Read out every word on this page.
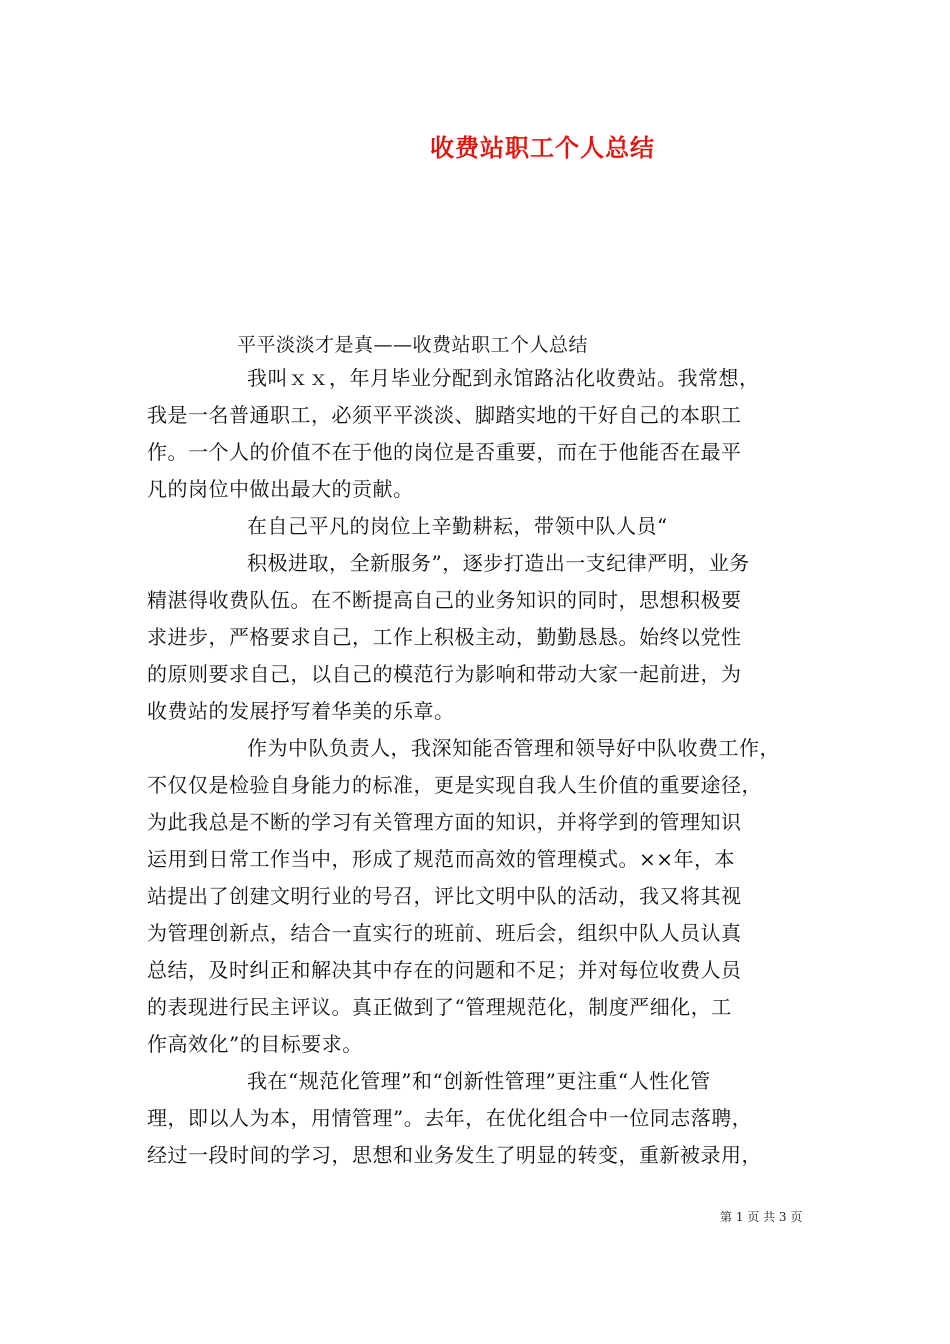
收费站职工个人总结
平平淡淡才是真——收费站职工个人总结
我叫ｘｘ，年月毕业分配到永馆路沾化收费站。我常想，
我是一名普通职工，必须平平淡淡、脚踏实地的干好自己的本职工
作。一个人的价值不在于他的岗位是否重要，而在于他能否在最平
凡的岗位中做出最大的贡献。
在自己平凡的岗位上辛勤耕耘，带领中队人员“
积极进取，全新服务”，逐步打造出一支纪律严明，业务
精湛得收费队伍。在不断提高自己的业务知识的同时，思想积极要
求进步，严格要求自己，工作上积极主动，勤勤恳恳。始终以党性
的原则要求自己，以自己的模范行为影响和带动大家一起前进，为
收费站的发展抒写着华美的乐章。
作为中队负责人，我深知能否管理和领导好中队收费工作，
不仅仅是检验自身能力的标准，更是实现自我人生价值的重要途径，
为此我总是不断的学习有关管理方面的知识，并将学到的管理知识
运用到日常工作当中，形成了规范而高效的管理模式。××年，本
站提出了创建文明行业的号召，评比文明中队的活动，我又将其视
为管理创新点，结合一直实行的班前、班后会，组织中队人员认真
总结，及时纠正和解决其中存在的问题和不足；并对每位收费人员
的表现进行民主评议。真正做到了“管理规范化，制度严细化，工
作高效化”的目标要求。
我在“规范化管理”和“创新性管理”更注重“人性化管
理，即以人为本，用情管理”。去年，在优化组合中一位同志落聘，
经过一段时间的学习，思想和业务发生了明显的转变，重新被录用，
第 1 页 共 3 页
